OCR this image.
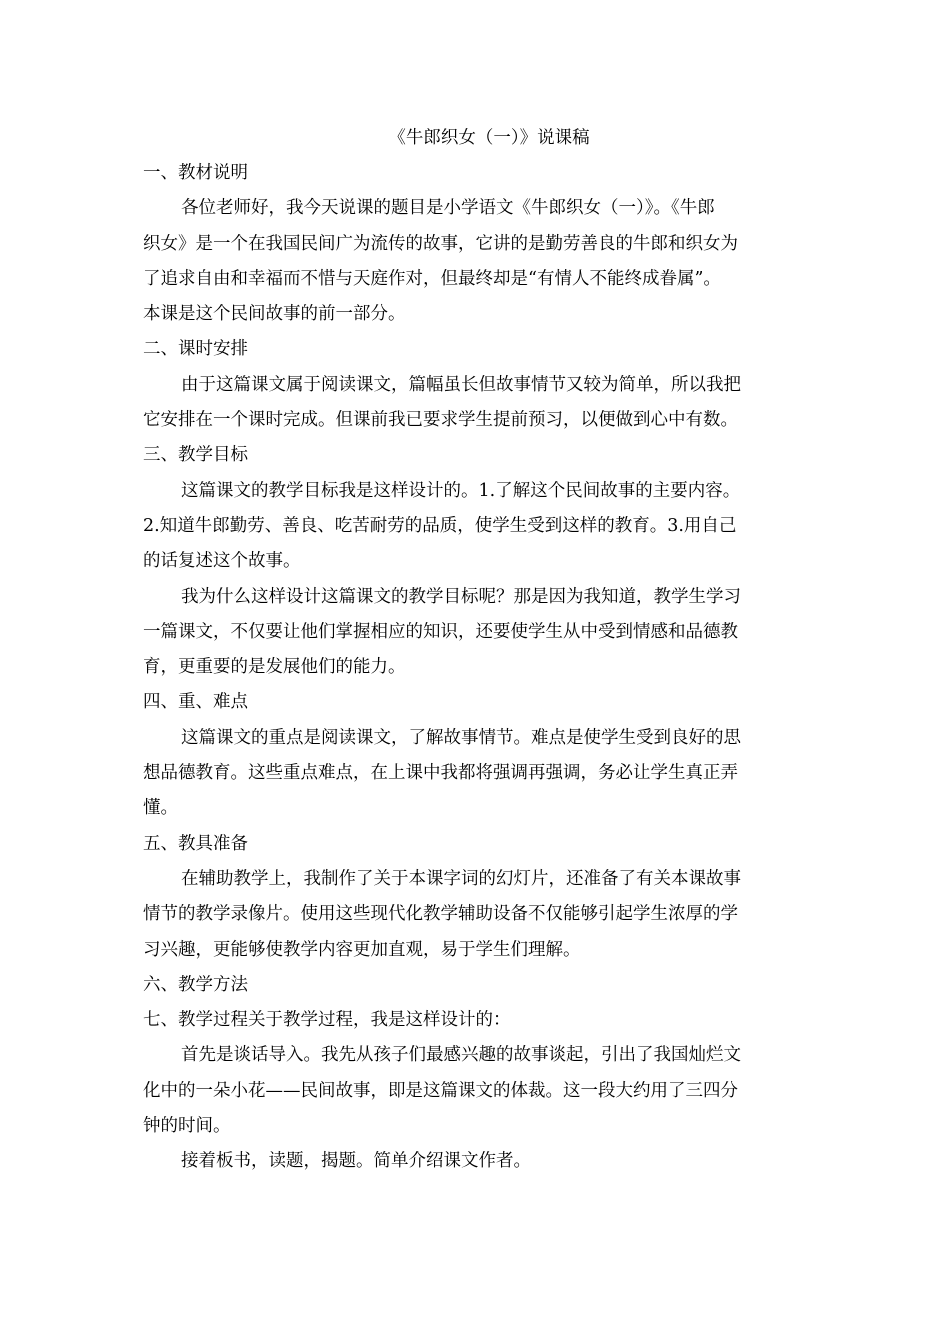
《牛郎织女（一）》说课稿

一、教材说明

各位老师好，我今天说课的题目是小学语文《牛郎织女（一）》。《牛郎

织女》是一个在我国民间广为流传的故事，它讲的是勤劳善良的牛郎和织女为

了追求自由和幸福而不惜与天庭作对，但最终却是“有情人不能终成眷属”。

本课是这个民间故事的前一部分。

二、课时安排

由于这篇课文属于阅读课文，篇幅虽长但故事情节又较为简单，所以我把

它安排在一个课时完成。但课前我已要求学生提前预习，以便做到心中有数。

三、教学目标

这篇课文的教学目标我是这样设计的。1.了解这个民间故事的主要内容。

2.知道牛郎勤劳、善良、吃苦耐劳的品质，使学生受到这样的教育。3.用自己

的话复述这个故事。

我为什么这样设计这篇课文的教学目标呢？那是因为我知道，教学生学习

一篇课文，不仅要让他们掌握相应的知识，还要使学生从中受到情感和品德教

育，更重要的是发展他们的能力。

四、重、难点

这篇课文的重点是阅读课文，了解故事情节。难点是使学生受到良好的思

想品德教育。这些重点难点，在上课中我都将强调再强调，务必让学生真正弄

懂。

五、教具准备

在辅助教学上，我制作了关于本课字词的幻灯片，还准备了有关本课故事

情节的教学录像片。使用这些现代化教学辅助设备不仅能够引起学生浓厚的学

习兴趣，更能够使教学内容更加直观，易于学生们理解。

六、教学方法

七、教学过程关于教学过程，我是这样设计的：

首先是谈话导入。我先从孩子们最感兴趣的故事谈起，引出了我国灿烂文

化中的一朵小花——民间故事，即是这篇课文的体裁。这一段大约用了三四分

钟的时间。

接着板书，读题，揭题。简单介绍课文作者。
